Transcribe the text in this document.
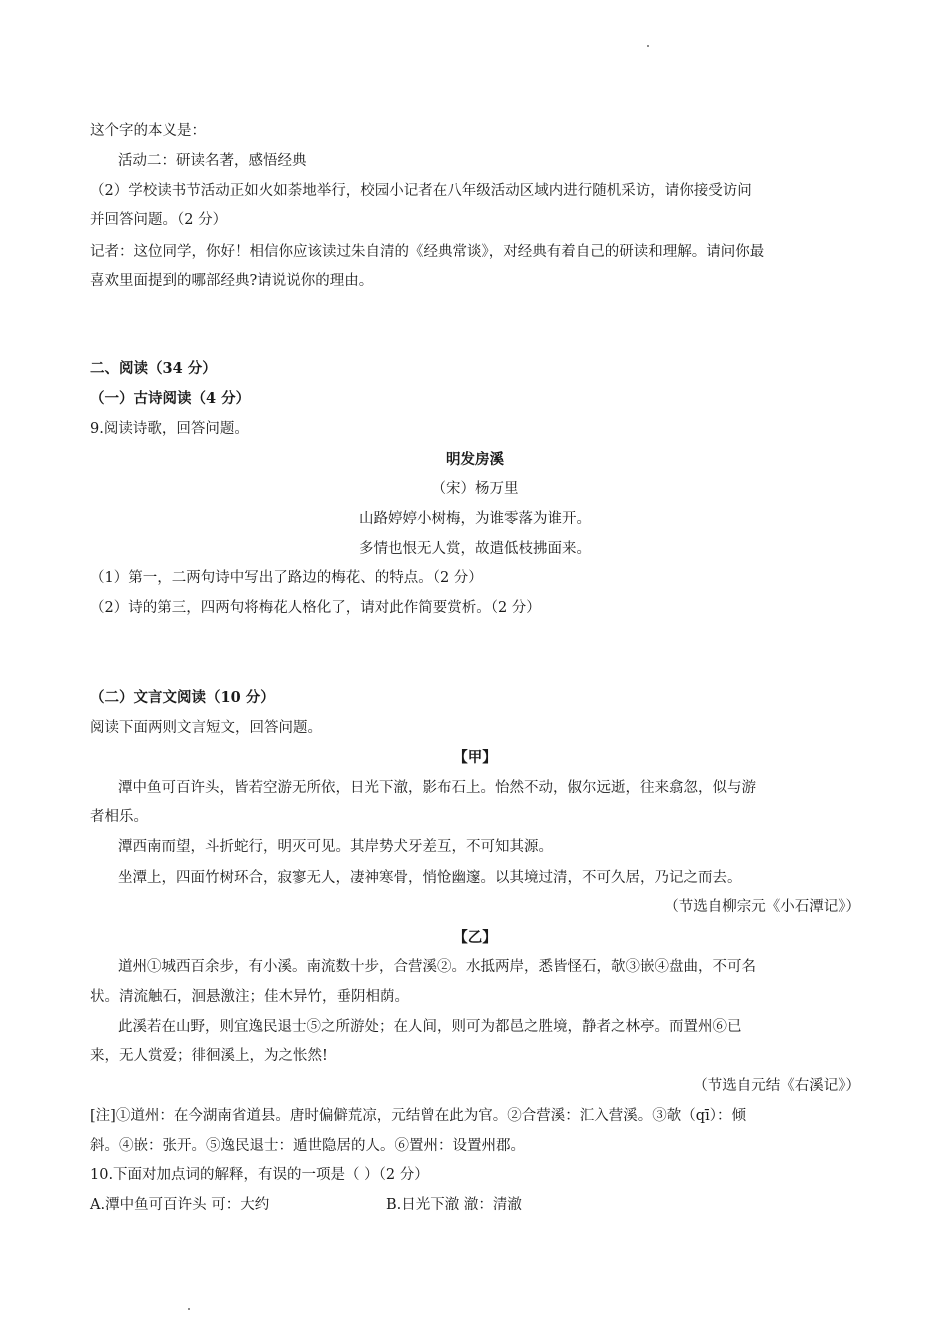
这个字的本义是：
活动二：研读名著，感悟经典
（2）学校读书节活动正如火如荼地举行，校园小记者在八年级活动区域内进行随机采访，请你接受访问
并回答问题。（2 分）
记者：这位同学，你好！相信你应该读过朱自清的《经典常谈》，对经典有着自己的研读和理解。请问你最
喜欢里面提到的哪部经典?请说说你的理由。
二、阅读（34 分）
（一）古诗阅读（4 分）
9.阅读诗歌，回答问题。
明发房溪
（宋）杨万里
山路婷婷小树梅，为谁零落为谁开。
多情也恨无人赏，故遣低枝拂面来。
（1）第一，二两句诗中写出了路边的梅花、的特点。（2 分）
（2）诗的第三，四两句将梅花人格化了，请对此作简要赏析。（2 分）
（二）文言文阅读（10 分）
阅读下面两则文言短文，回答问题。
【甲】
潭中鱼可百许头，皆若空游无所依，日光下澈，影布石上。怡然不动，俶尔远逝，往来翕忽，似与游
者相乐。
潭西南而望，斗折蛇行，明灭可见。其岸势犬牙差互，不可知其源。
坐潭上，四面竹树环合，寂寥无人，凄神寒骨，悄怆幽邃。以其境过清，不可久居，乃记之而去。
（节选自柳宗元《小石潭记》）
【乙】
道州①城西百余步，有小溪。南流数十步，合营溪②。水抵两岸，悉皆怪石，欹③嵌④盘曲，不可名
状。清流触石，洄悬激注；佳木异竹，垂阴相荫。
此溪若在山野，则宜逸民退士⑤之所游处；在人间，则可为都邑之胜境，静者之林亭。而置州⑥已
来，无人赏爱；徘徊溪上，为之怅然!
（节选自元结《右溪记》）
[注]①道州：在今湖南省道县。唐时偏僻荒凉，元结曾在此为官。②合营溪：汇入营溪。③欹（qī）：倾
斜。④嵌：张开。⑤逸民退士：遁世隐居的人。⑥置州：设置州郡。
10.下面对加点词的解释，有误的一项是（ ）（2 分）
A.潭中鱼可百许头 可：大约	B.日光下澈 澈：清澈
